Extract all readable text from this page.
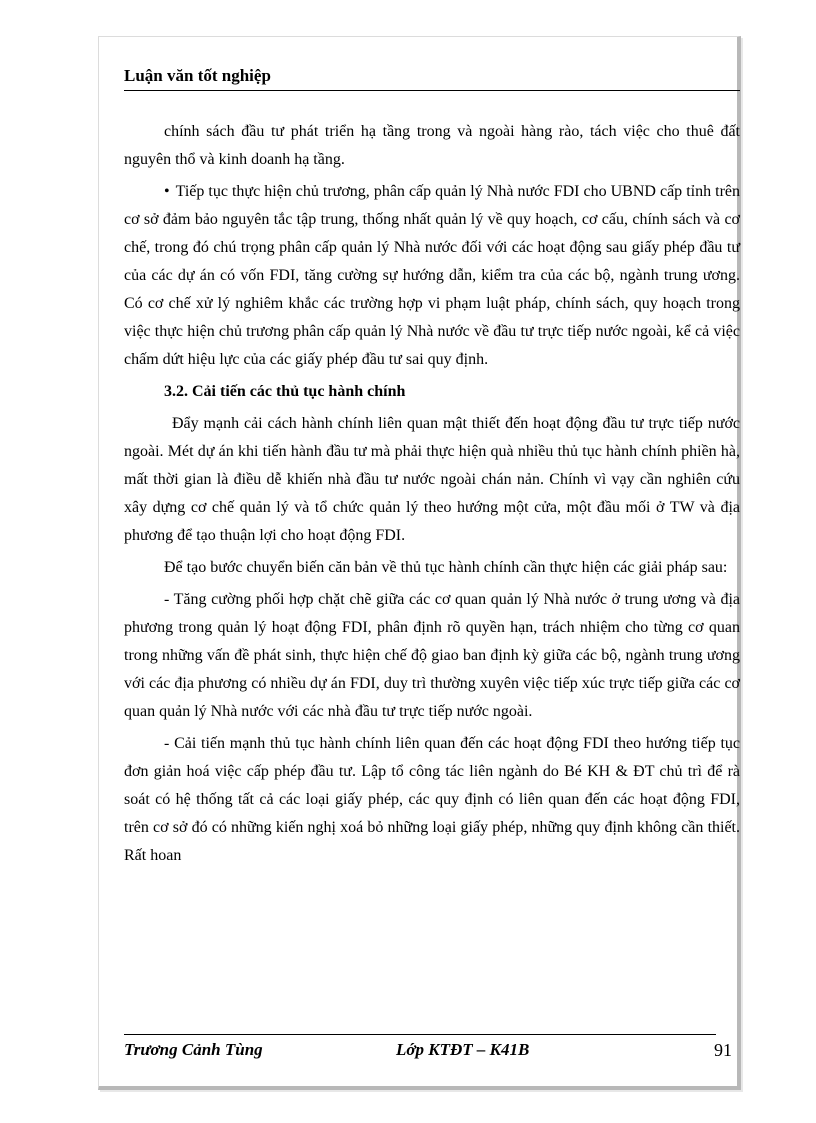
Luận văn tốt nghiệp

chính sách đầu tư phát triển hạ tầng trong và ngoài hàng rào, tách việc cho thuê đất nguyên thổ và kinh doanh hạ tầng.

• Tiếp tục thực hiện chủ trương, phân cấp quản lý Nhà nước FDI cho UBND cấp tỉnh trên cơ sở đảm bảo nguyên tắc tập trung, thống nhất quản lý về quy hoạch, cơ cấu, chính sách và cơ chế, trong đó chú trọng phân cấp quản lý Nhà nước đối với các hoạt động sau giấy phép đầu tư của các dự án có vốn FDI, tăng cường sự hướng dẫn, kiểm tra của các bộ, ngành trung ương. Có cơ chế xử lý nghiêm khắc các trường hợp vi phạm luật pháp, chính sách, quy hoạch trong việc thực hiện chủ trương phân cấp quản lý Nhà nước về đầu tư trực tiếp nước ngoài, kể cả việc chấm dứt hiệu lực của các giấy phép đầu tư sai quy định.

3.2. Cải tiến các thủ tục hành chính

Đẩy mạnh cải cách hành chính liên quan mật thiết đến hoạt động đầu tư trực tiếp nước ngoài. Mét dự án khi tiến hành đầu tư mà phải thực hiện quà nhiều thủ tục hành chính phiền hà, mất thời gian là điều dễ khiến nhà đầu tư nước ngoài chán nản. Chính vì vạy cần nghiên cứu xây dựng cơ chế quản lý và tổ chức quản lý theo hướng một cửa, một đầu mối ở TW và địa phương để tạo thuận lợi cho hoạt động FDI.

Để tạo bước chuyển biến căn bản về thủ tục hành chính cần thực hiện các giải pháp sau:

- Tăng cường phối hợp chặt chẽ giữa các cơ quan quản lý Nhà nước ở trung ương và địa phương trong quản lý hoạt động FDI, phân định rõ quyền hạn, trách nhiệm cho từng cơ quan trong những vấn đề phát sinh, thực hiện chế độ giao ban định kỳ giữa các bộ, ngành trung ương với các địa phương có nhiều dự án FDI, duy trì thường xuyên việc tiếp xúc trực tiếp giữa các cơ quan quản lý Nhà nước với các nhà đầu tư trực tiếp nước ngoài.

- Cải tiến mạnh thủ tục hành chính liên quan đến các hoạt động FDI theo hướng tiếp tục đơn giản hoá việc cấp phép đầu tư. Lập tổ công tác liên ngành do Bé KH & ĐT chủ trì để rà soát có hệ thống tất cả các loại giấy phép, các quy định có liên quan đến các hoạt động FDI, trên cơ sở đó có những kiến nghị xoá bỏ những loại giấy phép, những quy định không cần thiết. Rất hoan

Trương Cảnh Tùng	Lớp KTĐT – K41B	91
